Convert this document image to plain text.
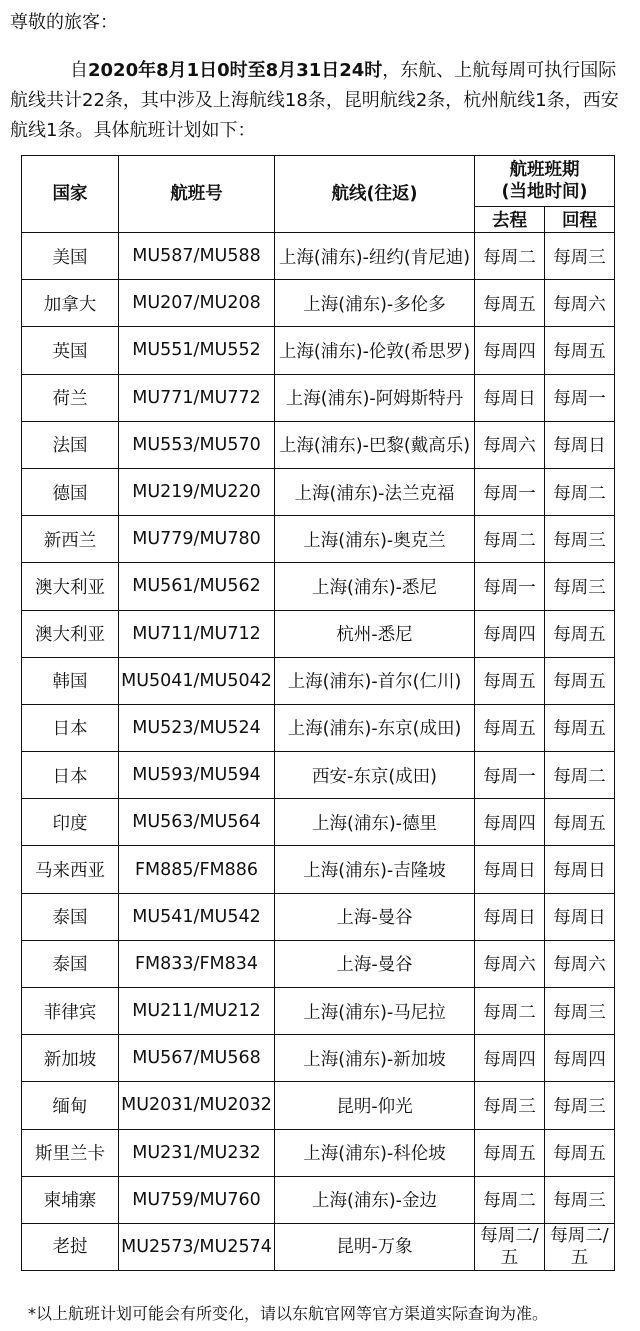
尊敬的旅客：
自2020年8月1日0时至8月31日24时，东航、上航每周可执行国际航线共计22条，其中涉及上海航线18条，昆明航线2条，杭州航线1条，西安航线1条。具体航班计划如下：
国家	航班号	航线(往返)	航班班期
(当地时间)	
			去程	回程
美国	MU587/MU588	上海(浦东)-纽约(肯尼迪)	每周二	每周三
加拿大	MU207/MU208	上海(浦东)-多伦多	每周五	每周六
英国	MU551/MU552	上海(浦东)-伦敦(希思罗)	每周四	每周五
荷兰	MU771/MU772	上海(浦东)-阿姆斯特丹	每周日	每周一
法国	MU553/MU570	上海(浦东)-巴黎(戴高乐)	每周六	每周日
德国	MU219/MU220	上海(浦东)-法兰克福	每周一	每周二
新西兰	MU779/MU780	上海(浦东)-奥克兰	每周二	每周三
澳大利亚	MU561/MU562	上海(浦东)-悉尼	每周一	每周三
澳大利亚	MU711/MU712	杭州-悉尼	每周四	每周五
韩国	MU5041/MU5042	上海(浦东)-首尔(仁川)	每周五	每周五
日本	MU523/MU524	上海(浦东)-东京(成田)	每周五	每周五
日本	MU593/MU594	西安-东京(成田)	每周一	每周二
印度	MU563/MU564	上海(浦东)-德里	每周四	每周五
马来西亚	FM885/FM886	上海(浦东)-吉隆坡	每周日	每周日
泰国	MU541/MU542	上海-曼谷	每周日	每周日
泰国	FM833/FM834	上海-曼谷	每周六	每周六
菲律宾	MU211/MU212	上海(浦东)-马尼拉	每周二	每周三
新加坡	MU567/MU568	上海(浦东)-新加坡	每周四	每周四
缅甸	MU2031/MU2032	昆明-仰光	每周三	每周三
斯里兰卡	MU231/MU232	上海(浦东)-科伦坡	每周五	每周五
柬埔寨	MU759/MU760	上海(浦东)-金边	每周二	每周三
老挝	MU2573/MU2574	昆明-万象	每周二/五	每周二/五
*以上航班计划可能会有所变化，请以东航官网等官方渠道实际查询为准。
